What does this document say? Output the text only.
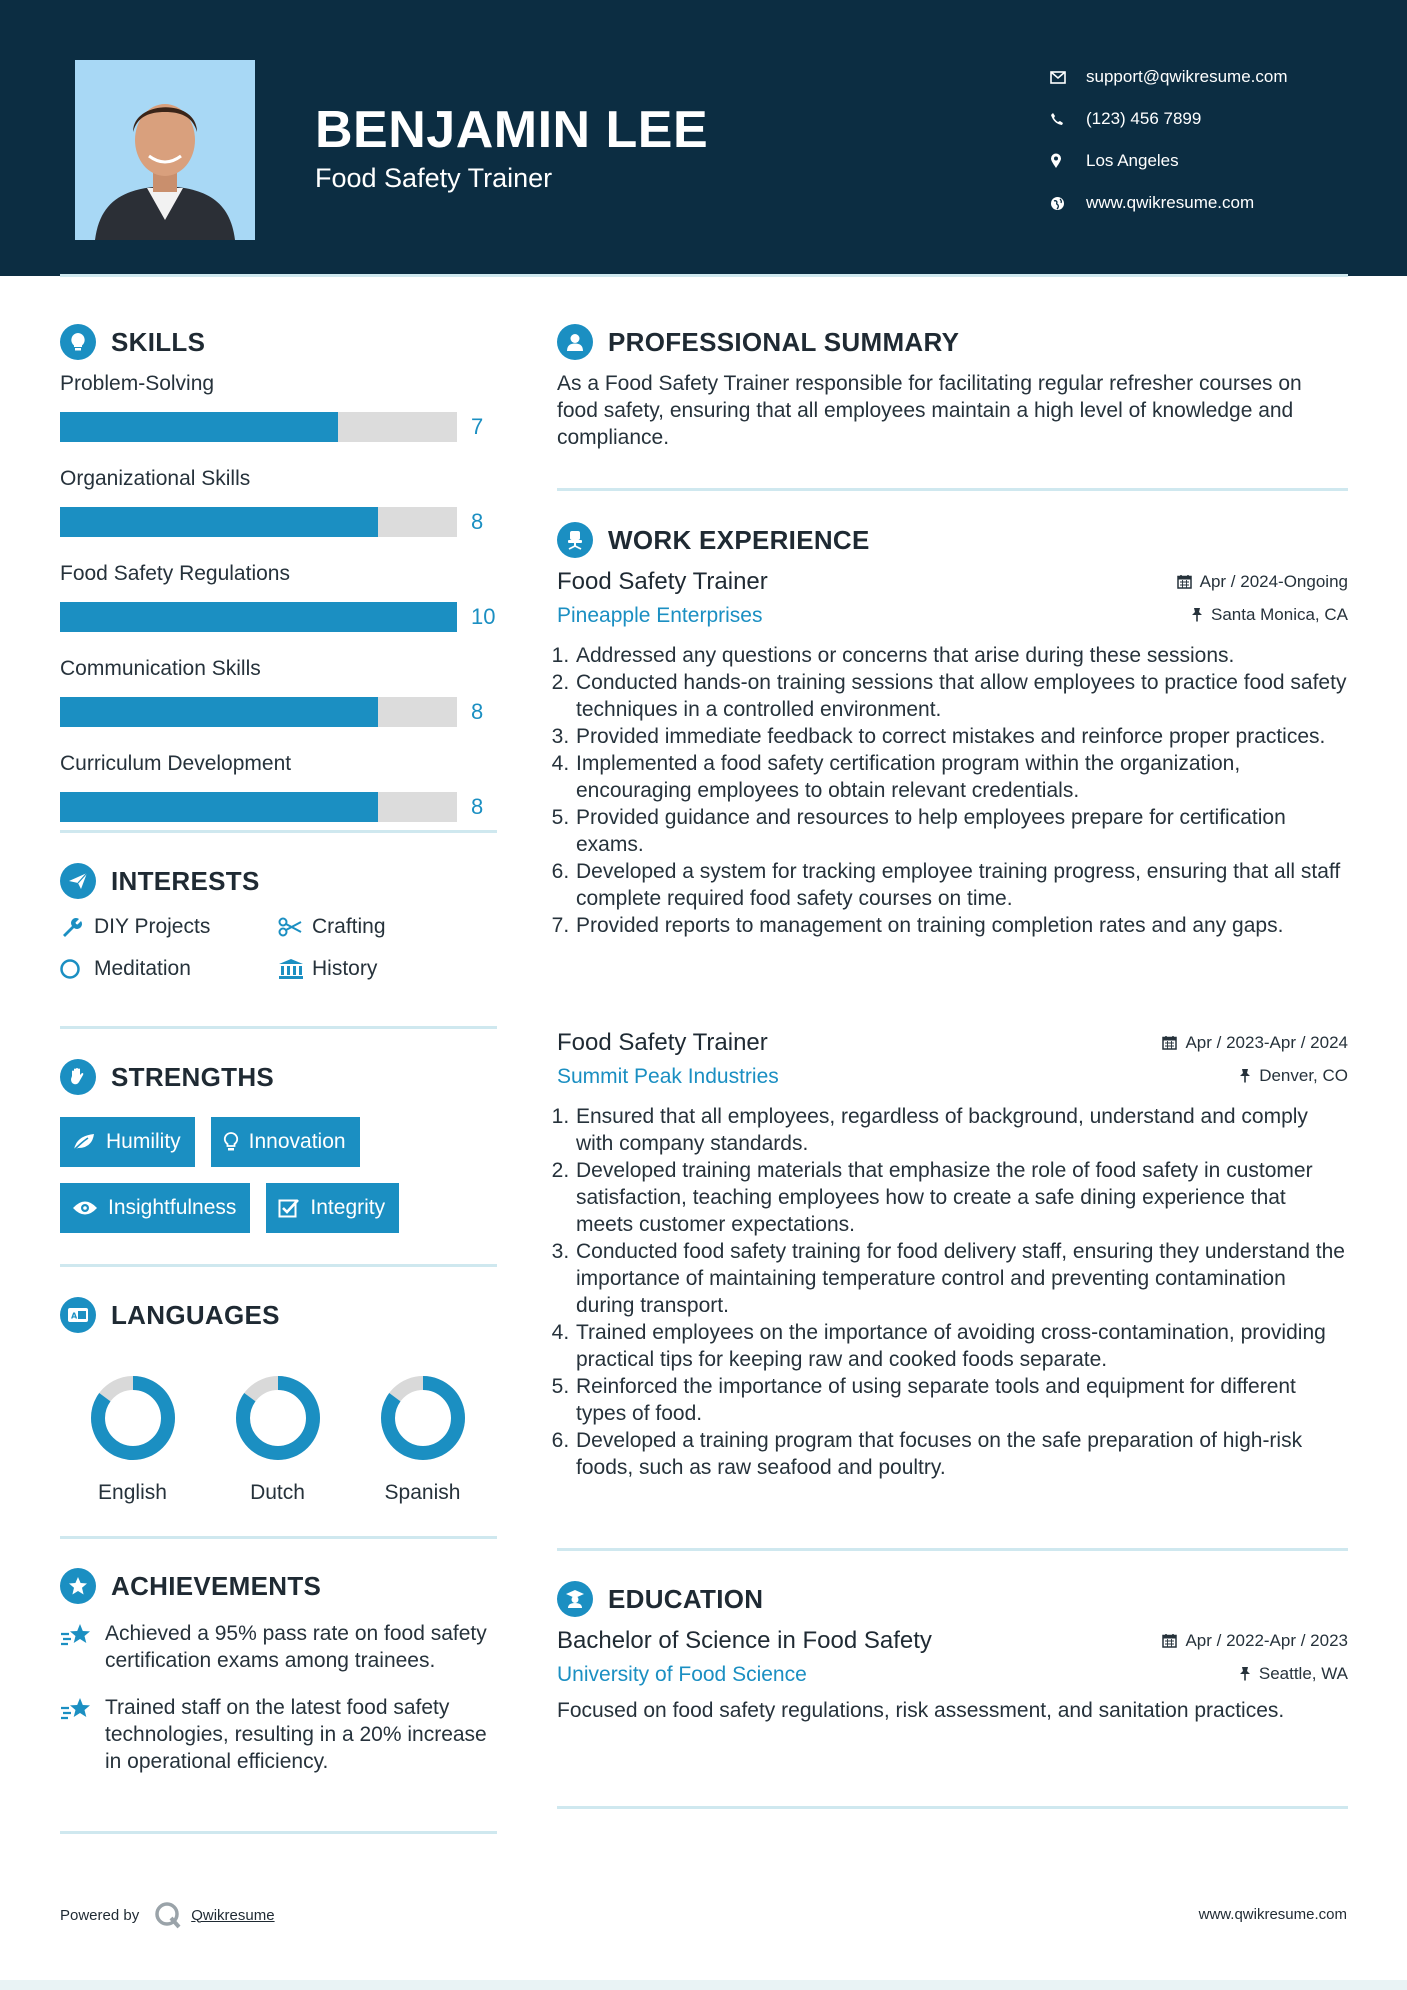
BENJAMIN LEE
Food Safety Trainer
support@qwikresume.com
(123) 456 7899
Los Angeles
www.qwikresume.com
SKILLS
Problem-Solving
7
Organizational Skills
8
Food Safety Regulations
10
Communication Skills
8
Curriculum Development
8
INTERESTS
DIY Projects	Crafting
Meditation	History
STRENGTHS
Humility	Innovation
Insightfulness	Integrity
A LANGUAGES
English	Dutch	Spanish
ACHIEVEMENTS
Achieved a 95% pass rate on food safety certification exams among trainees.
Trained staff on the latest food safety technologies, resulting in a 20% increase in operational efficiency.
PROFESSIONAL SUMMARY
As a Food Safety Trainer responsible for facilitating regular refresher courses on food safety, ensuring that all employees maintain a high level of knowledge and compliance.
WORK EXPERIENCE
Food Safety Trainer	Apr / 2024-Ongoing
Pineapple Enterprises	Santa Monica, CA
1. Addressed any questions or concerns that arise during these sessions.
2. Conducted hands-on training sessions that allow employees to practice food safety techniques in a controlled environment.
3. Provided immediate feedback to correct mistakes and reinforce proper practices.
4. Implemented a food safety certification program within the organization, encouraging employees to obtain relevant credentials.
5. Provided guidance and resources to help employees prepare for certification exams.
6. Developed a system for tracking employee training progress, ensuring that all staff complete required food safety courses on time.
7. Provided reports to management on training completion rates and any gaps.
Food Safety Trainer	Apr / 2023-Apr / 2024
Summit Peak Industries	Denver, CO
1. Ensured that all employees, regardless of background, understand and comply with company standards.
2. Developed training materials that emphasize the role of food safety in customer satisfaction, teaching employees how to create a safe dining experience that meets customer expectations.
3. Conducted food safety training for food delivery staff, ensuring they understand the importance of maintaining temperature control and preventing contamination during transport.
4. Trained employees on the importance of avoiding cross-contamination, providing practical tips for keeping raw and cooked foods separate.
5. Reinforced the importance of using separate tools and equipment for different types of food.
6. Developed a training program that focuses on the safe preparation of high-risk foods, such as raw seafood and poultry.
EDUCATION
Bachelor of Science in Food Safety	Apr / 2022-Apr / 2023
University of Food Science	Seattle, WA
Focused on food safety regulations, risk assessment, and sanitation practices.
Powered by	Qwikresume	www.qwikresume.com
